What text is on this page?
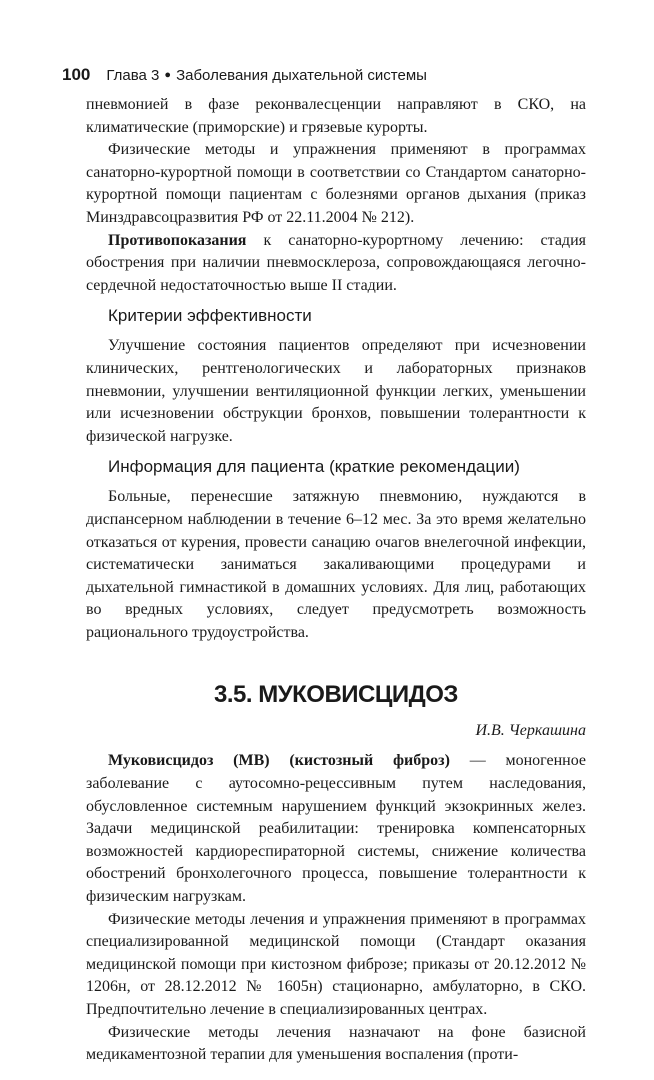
100 Глава 3 ● Заболевания дыхательной системы

пневмонией в фазе реконвалесценции направляют в СКО, на климатические (приморские) и грязевые курорты.

Физические методы и упражнения применяют в программах санаторно-курортной помощи в соответствии со Стандартом санаторно-курортной помощи пациентам с болезнями органов дыхания (приказ Минздравсоцразвития РФ от 22.11.2004 № 212).

Противопоказания к санаторно-курортному лечению: стадия обострения при наличии пневмосклероза, сопровождающаяся легочно-сердечной недостаточностью выше II стадии.

Критерии эффективности

Улучшение состояния пациентов определяют при исчезновении клинических, рентгенологических и лабораторных признаков пневмонии, улучшении вентиляционной функции легких, уменьшении или исчезновении обструкции бронхов, повышении толерантности к физической нагрузке.

Информация для пациента (краткие рекомендации)

Больные, перенесшие затяжную пневмонию, нуждаются в диспансерном наблюдении в течение 6–12 мес. За это время желательно отказаться от курения, провести санацию очагов внелегочной инфекции, систематически заниматься закаливающими процедурами и дыхательной гимнастикой в домашних условиях. Для лиц, работающих во вредных условиях, следует предусмотреть возможность рационального трудоустройства.

3.5. МУКОВИСЦИДОЗ
И.В. Черкашина

Муковисцидоз (МВ) (кистозный фиброз) — моногенное заболевание с аутосомно-рецессивным путем наследования, обусловленное системным нарушением функций экзокринных желез. Задачи медицинской реабилитации: тренировка компенсаторных возможностей кардиореспираторной системы, снижение количества обострений бронхолегочного процесса, повышение толерантности к физическим нагрузкам.

Физические методы лечения и упражнения применяют в программах специализированной медицинской помощи (Стандарт оказания медицинской помощи при кистозном фиброзе; приказы от 20.12.2012 № 1206н, от 28.12.2012 № 1605н) стационарно, амбулаторно, в СКО. Предпочтительно лечение в специализированных центрах.

Физические методы лечения назначают на фоне базисной медикаментозной терапии для уменьшения воспаления (проти-
